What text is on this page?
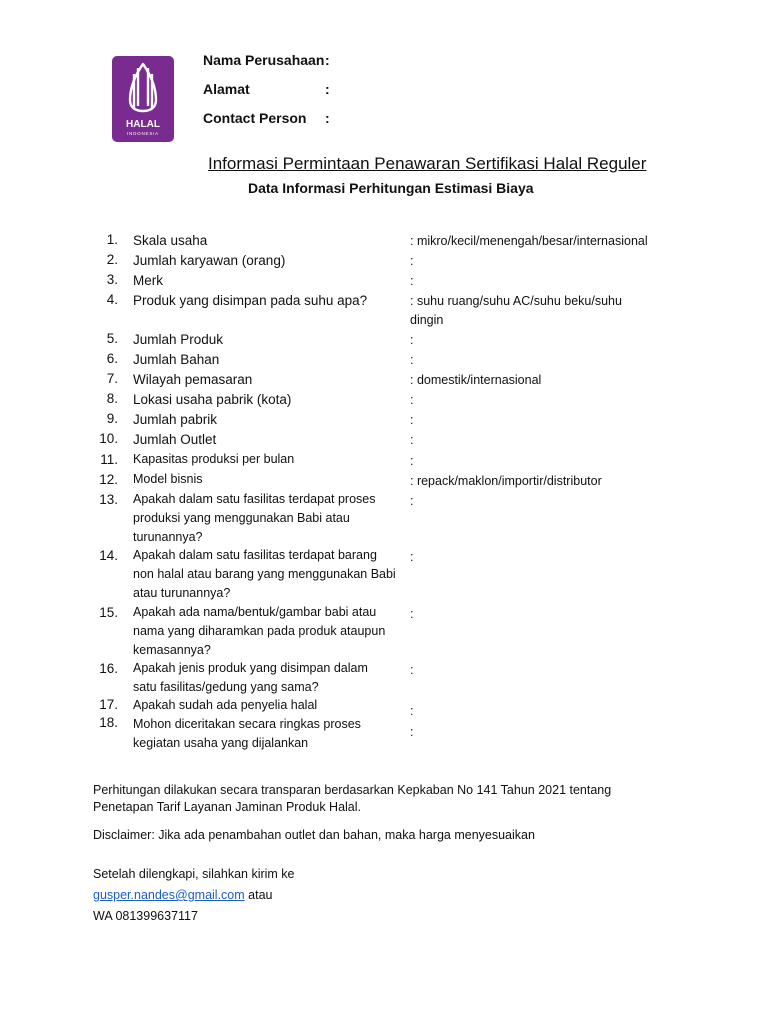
HALAL
INDONESIA
Nama Perusahaan :
Alamat	:
Contact Person :
Informasi Permintaan Penawaran Sertifikasi Halal Reguler
Data Informasi Perhitungan Estimasi Biaya
1. Skala usaha	: mikro/kecil/menengah/besar/internasional
2. Jumlah karyawan (orang)	:
3. Merk	:
4. Produk yang disimpan pada suhu apa?	: suhu ruang/suhu AC/suhu beku/suhu dingin
5. Jumlah Produk	:
6. Jumlah Bahan	:
7. Wilayah pemasaran	: domestik/internasional
8. Lokasi usaha pabrik (kota)	:
9. Jumlah pabrik	:
10. Jumlah Outlet	:
11. Kapasitas produksi per bulan	:
12. Model bisnis	: repack/maklon/importir/distributor
13. Apakah dalam satu fasilitas terdapat proses produksi yang menggunakan Babi atau turunannya?
:
14. Apakah dalam satu fasilitas terdapat barang non halal atau barang yang menggunakan Babi atau turunannya?
:
15. Apakah ada nama/bentuk/gambar babi atau nama yang diharamkan pada produk ataupun kemasannya?
:
16. Apakah jenis produk yang disimpan dalam satu fasilitas/gedung yang sama?
:
17. Apakah sudah ada penyelia halal	:
18. Mohon diceritakan secara ringkas proses kegiatan usaha yang dijalankan
:
Perhitungan dilakukan secara transparan berdasarkan Kepkaban No 141 Tahun 2021 tentang
Penetapan Tarif Layanan Jaminan Produk Halal.
Disclaimer: Jika ada penambahan outlet dan bahan, maka harga menyesuaikan
Setelah dilengkapi, silahkan kirim ke
gusper.nandes@gmail.com atau
WA 081399637117
